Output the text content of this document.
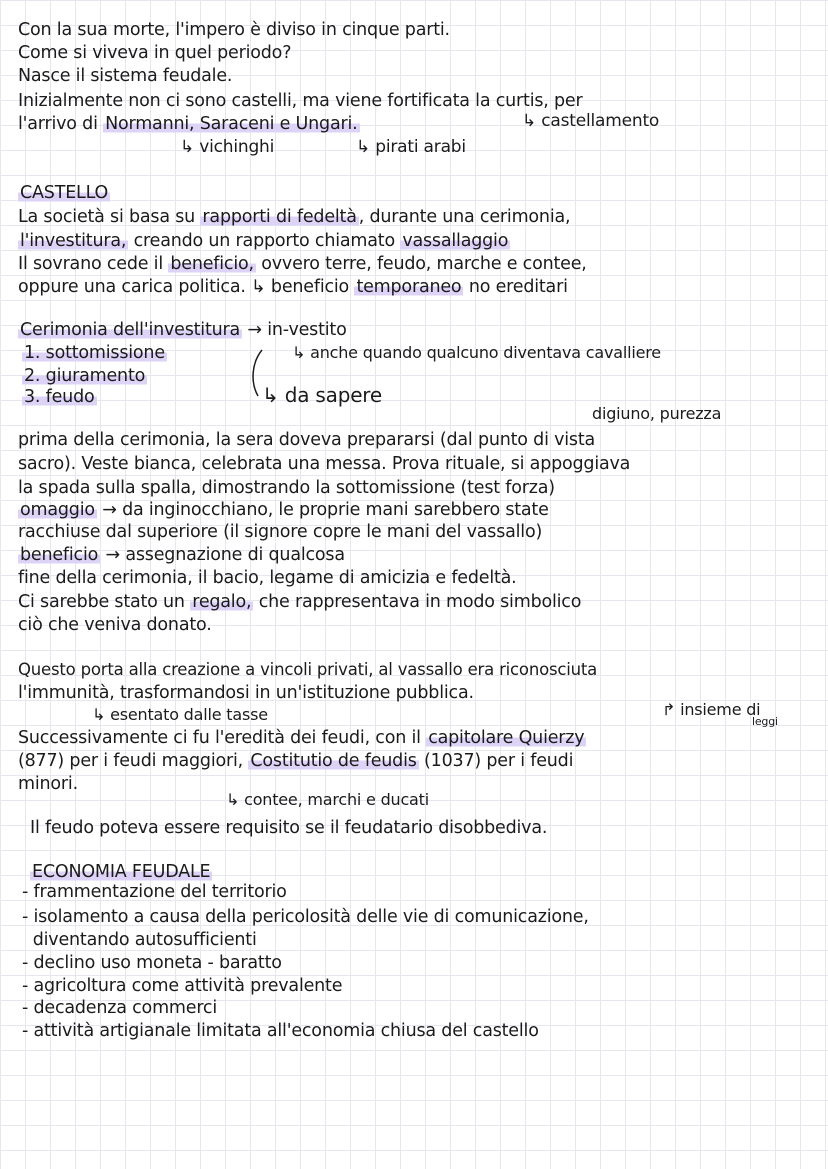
Con la sua morte, l'impero è diviso in cinque parti.
Come si viveva in quel periodo?
Nasce il sistema feudale.
Inizialmente non ci sono castelli, ma viene fortificata la curtis, per
l'arrivo di Normanni, Saraceni e Ungari.	↳ castellamento
↳ vichinghi	↳ pirati arabi
CASTELLO
La società si basa su rapporti di fedeltà , durante una cerimonia,
l'investitura, creando un rapporto chiamato vassallaggio
Il sovrano cede il beneficio, ovvero terre, feudo, marche e contee,
oppure una carica politica. ↳ beneficio temporaneo no ereditari
Cerimonia dell'investitura → in-vestito
1. sottomissione	↳ anche quando qualcuno diventava cavalliere
2. giuramento
3. feudo	↳ da sapere
digiuno, purezza
prima della cerimonia, la sera doveva prepararsi (dal punto di vista
sacro). Veste bianca, celebrata una messa. Prova rituale, si appoggiava
la spada sulla spalla, dimostrando la sottomissione (test forza)
omaggio → da inginocchiano, le proprie mani sarebbero state
racchiuse dal superiore (il signore copre le mani del vassallo)
beneficio → assegnazione di qualcosa
fine della cerimonia, il bacio, legame di amicizia e fedeltà.
Ci sarebbe stato un regalo, che rappresentava in modo simbolico
ciò che veniva donato.
Questo porta alla creazione a vincoli privati, al vassallo era riconosciuta
l'immunità, trasformandosi in un'istituzione pubblica.
↳ esentato dalle tasse	↱ insieme di
leggi
Successivamente ci fu l'eredità dei feudi, con il capitolare Quierzy
(877) per i feudi maggiori, Costitutio de feudis (1037) per i feudi
minori.
↳ contee, marchi e ducati
Il feudo poteva essere requisito se il feudatario disobbediva.
ECONOMIA FEUDALE
- frammentazione del territorio
- isolamento a causa della pericolosità delle vie di comunicazione,
diventando autosufficienti
- declino uso moneta - baratto
- agricoltura come attività prevalente
- decadenza commerci
- attività artigianale limitata all'economia chiusa del castello
